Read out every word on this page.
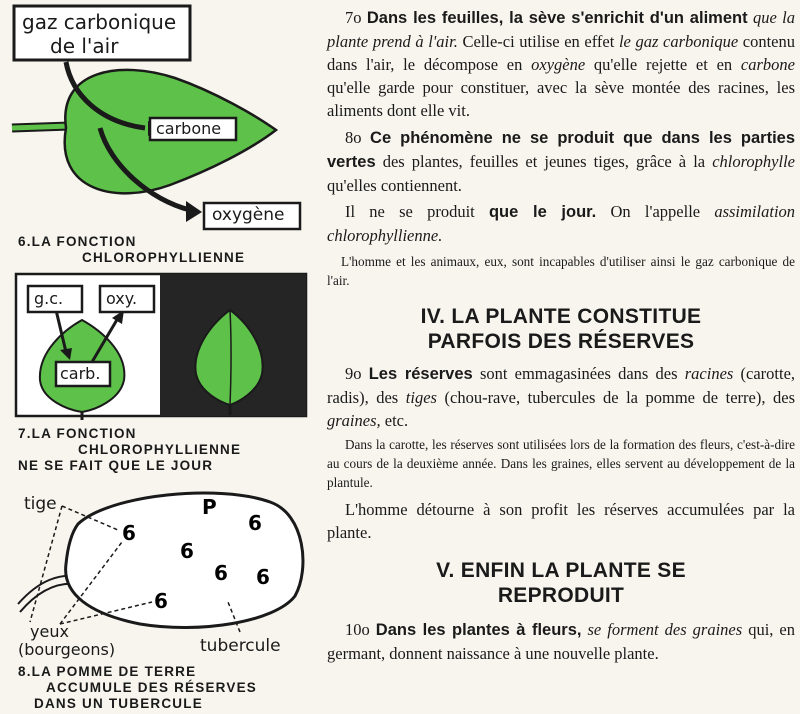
gaz carbonique
de l'air
carbone
oxygène
6.LA FONCTION
CHLOROPHYLLIENNE
g.c.	oxy.
carb.
7.LA FONCTION
CHLOROPHYLLIENNE
NE SE FAIT QUE LE JOUR
6
6
P
6
6 6
6
tige
yeux
(bourgeons)	tubercule
8.LA POMME DE TERRE
ACCUMULE DES RÉSERVES
DANS UN TUBERCULE

7o Dans les feuilles, la sève s'enrichit d'un aliment que la plante prend à l'air. Celle-ci utilise en effet le gaz carbonique contenu dans l'air, le décompose en oxygène qu'elle rejette et en carbone qu'elle garde pour constituer, avec la sève montée des racines, les aliments dont elle vit.

8o Ce phénomène ne se produit que dans les parties vertes des plantes, feuilles et jeunes tiges, grâce à la chlorophylle qu'elles contiennent.

Il ne se produit que le jour. On l'appelle assimilation chlorophyllienne.

L'homme et les animaux, eux, sont incapables d'utiliser ainsi le gaz carbonique de l'air.

IV. LA PLANTE CONSTITUE

PARFOIS DES RÉSERVES

9o Les réserves sont emmagasinées dans des racines (carotte, radis), des tiges (chou-rave, tubercules de la pomme de terre), des graines, etc.

Dans la carotte, les réserves sont utilisées lors de la formation des fleurs, c'est-à-dire au cours de la deuxième année. Dans les graines, elles servent au développement de la plantule.

L'homme détourne à son profit les réserves accumulées par la plante.

V. ENFIN LA PLANTE SE

REPRODUIT

10o Dans les plantes à fleurs, se forment des graines qui, en germant, donnent naissance à une nouvelle plante.
